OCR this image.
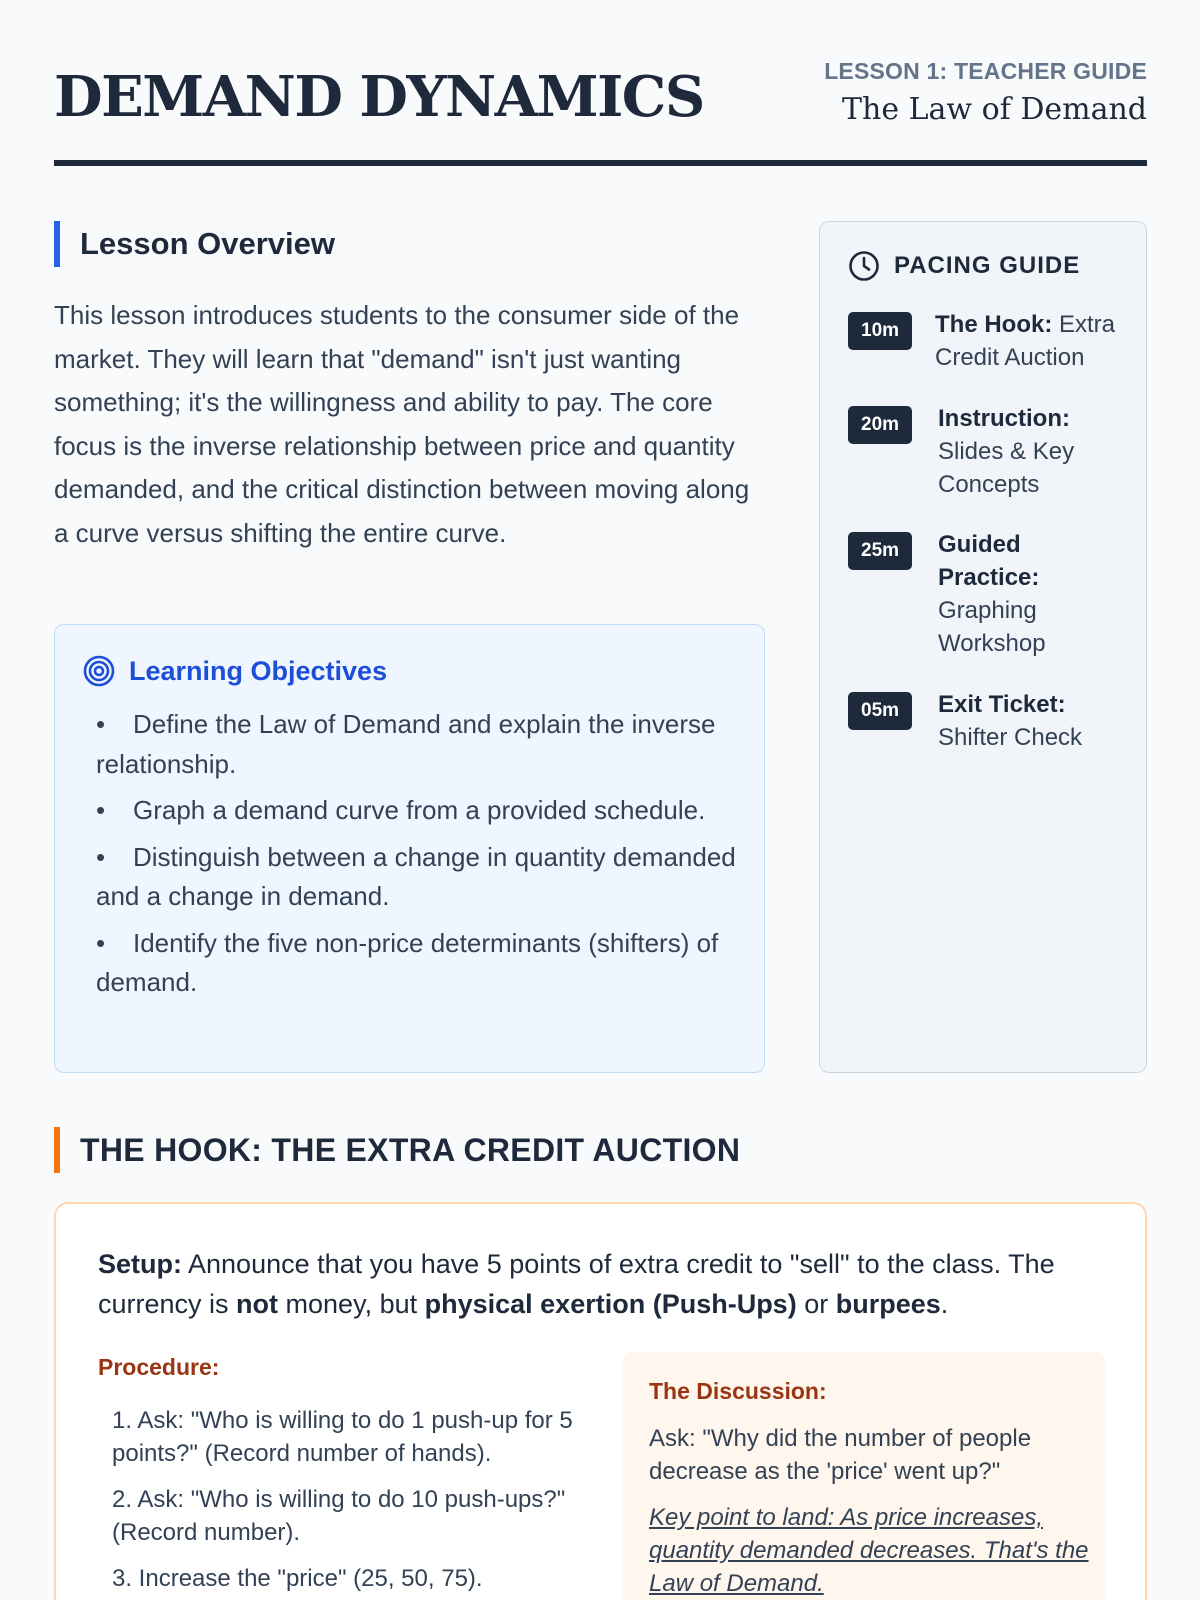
DEMAND DYNAMICS	LESSON 1: TEACHER GUIDE
The Law of Demand
Lesson Overview

This lesson introduces students to the consumer side of the market. They will learn that "demand" isn't just wanting something; it's the willingness and ability to pay. The core focus is the inverse relationship between price and quantity demanded, and the critical distinction between moving along a curve versus shifting the entire curve.

Learning Objectives
•Define the Law of Demand and explain the inverse relationship.
•Graph a demand curve from a provided schedule.
•Distinguish between a change in quantity demanded and a change in demand.
•Identify the five non-price determinants (shifters) of demand.
PACING GUIDE
10m	The Hook: Extra Credit Auction
20m	Instruction: Slides & Key Concepts
25m	Guided Practice: Graphing Workshop
05m	Exit Ticket: Shifter Check
THE HOOK: THE EXTRA CREDIT AUCTION

Setup: Announce that you have 5 points of extra credit to "sell" to the class. The currency is not money, but physical exertion (Push-Ups) or burpees.

Procedure:
1. Ask: "Who is willing to do 1 push-up for 5 points?" (Record number of hands).
2. Ask: "Who is willing to do 10 push-ups?" (Record number).
3. Increase the "price" (25, 50, 75).
The Discussion:

Ask: "Why did the number of people decrease as the 'price' went up?"

Key point to land: As price increases, quantity demanded decreases. That's the Law of Demand.
